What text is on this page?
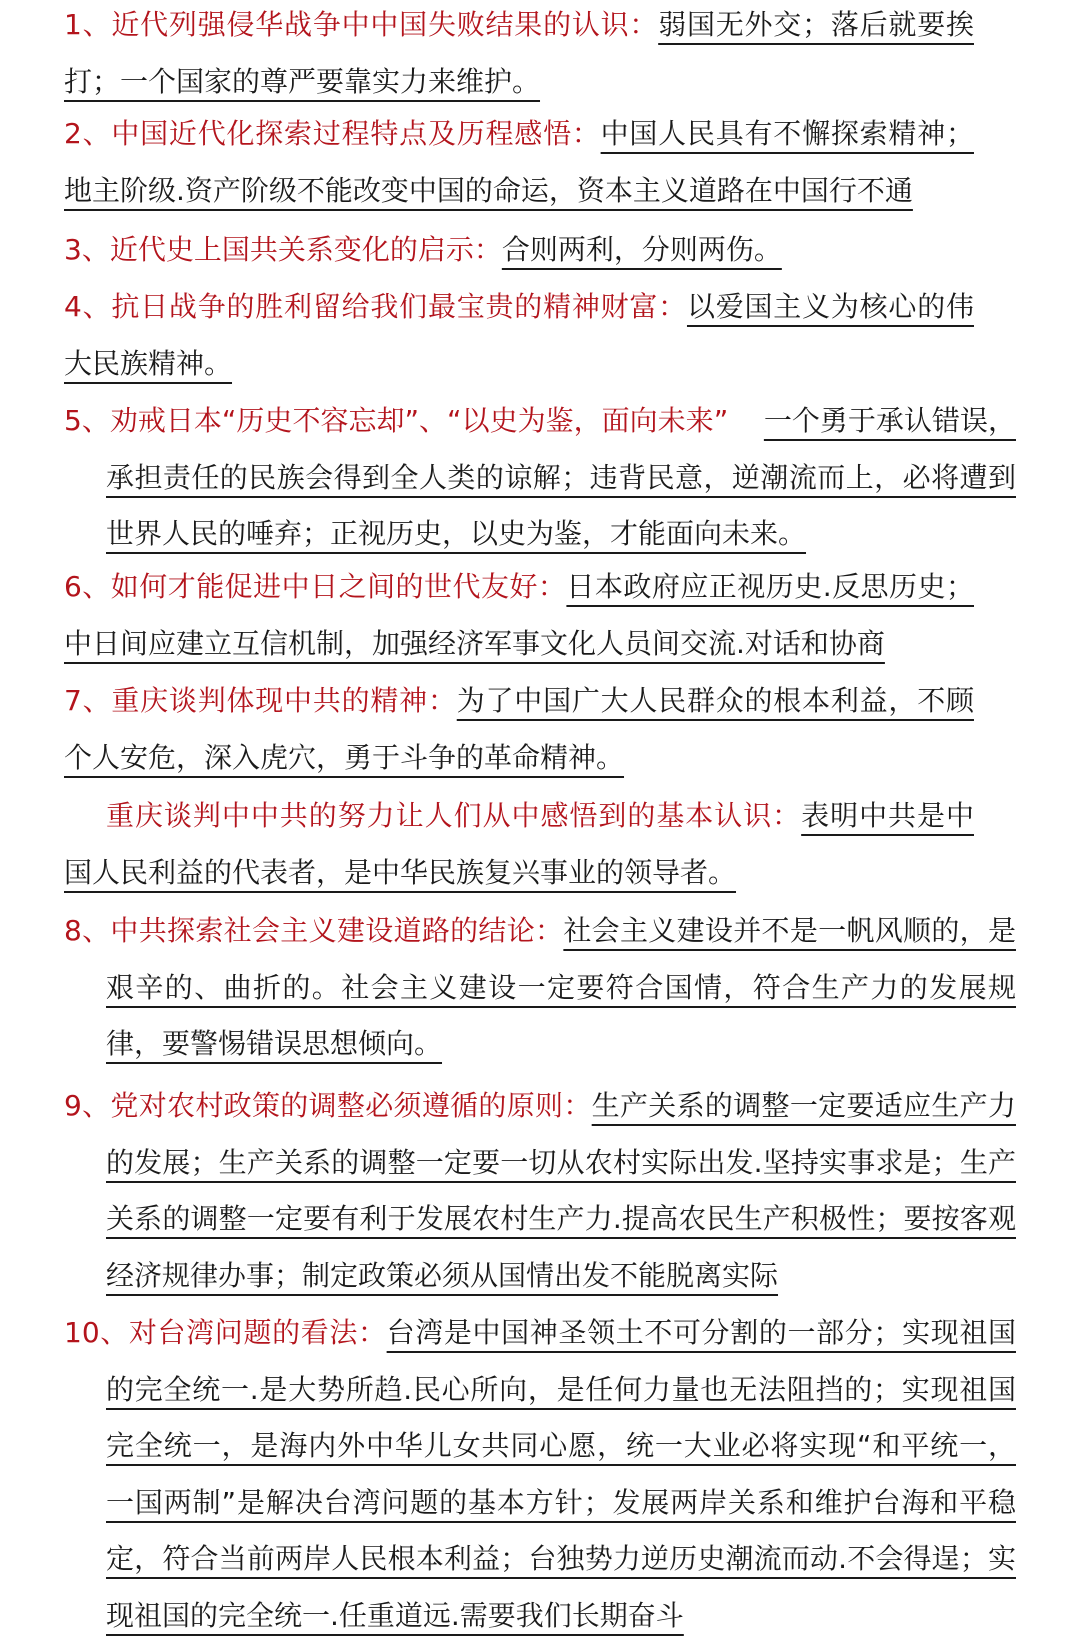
1、近代列强侵华战争中中国失败结果的认识：弱国无外交；落后就要挨打；一个国家的尊严要靠实力来维护。

2、中国近代化探索过程特点及历程感悟：中国人民具有不懈探索精神；地主阶级.资产阶级不能改变中国的命运，资本主义道路在中国行不通

3、近代史上国共关系变化的启示：合则两利，分则两伤。

4、抗日战争的胜利留给我们最宝贵的精神财富：以爱国主义为核心的伟大民族精神。

5、劝戒日本“历史不容忘却”、“以史为鉴，面向未来” 一个勇于承认错误，承担责任的民族会得到全人类的谅解；违背民意，逆潮流而上，必将遭到世界人民的唾弃；正视历史，以史为鉴，才能面向未来。

6、如何才能促进中日之间的世代友好：日本政府应正视历史.反思历史；中日间应建立互信机制，加强经济军事文化人员间交流.对话和协商

7、重庆谈判体现中共的精神：为了中国广大人民群众的根本利益，不顾个人安危，深入虎穴，勇于斗争的革命精神。

重庆谈判中中共的努力让人们从中感悟到的基本认识：表明中共是中国人民利益的代表者，是中华民族复兴事业的领导者。

8、中共探索社会主义建设道路的结论：社会主义建设并不是一帆风顺的，是艰辛的、曲折的。社会主义建设一定要符合国情，符合生产力的发展规律，要警惕错误思想倾向。

9、党对农村政策的调整必须遵循的原则：生产关系的调整一定要适应生产力的发展；生产关系的调整一定要一切从农村实际出发.坚持实事求是；生产关系的调整一定要有利于发展农村生产力.提高农民生产积极性；要按客观经济规律办事；制定政策必须从国情出发不能脱离实际

10、对台湾问题的看法：台湾是中国神圣领土不可分割的一部分；实现祖国的完全统一.是大势所趋.民心所向，是任何力量也无法阻挡的；实现祖国完全统一，是海内外中华儿女共同心愿，统一大业必将实现“和平统一，一国两制”是解决台湾问题的基本方针；发展两岸关系和维护台海和平稳定，符合当前两岸人民根本利益；台独势力逆历史潮流而动.不会得逞；实现祖国的完全统一.任重道远.需要我们长期奋斗
